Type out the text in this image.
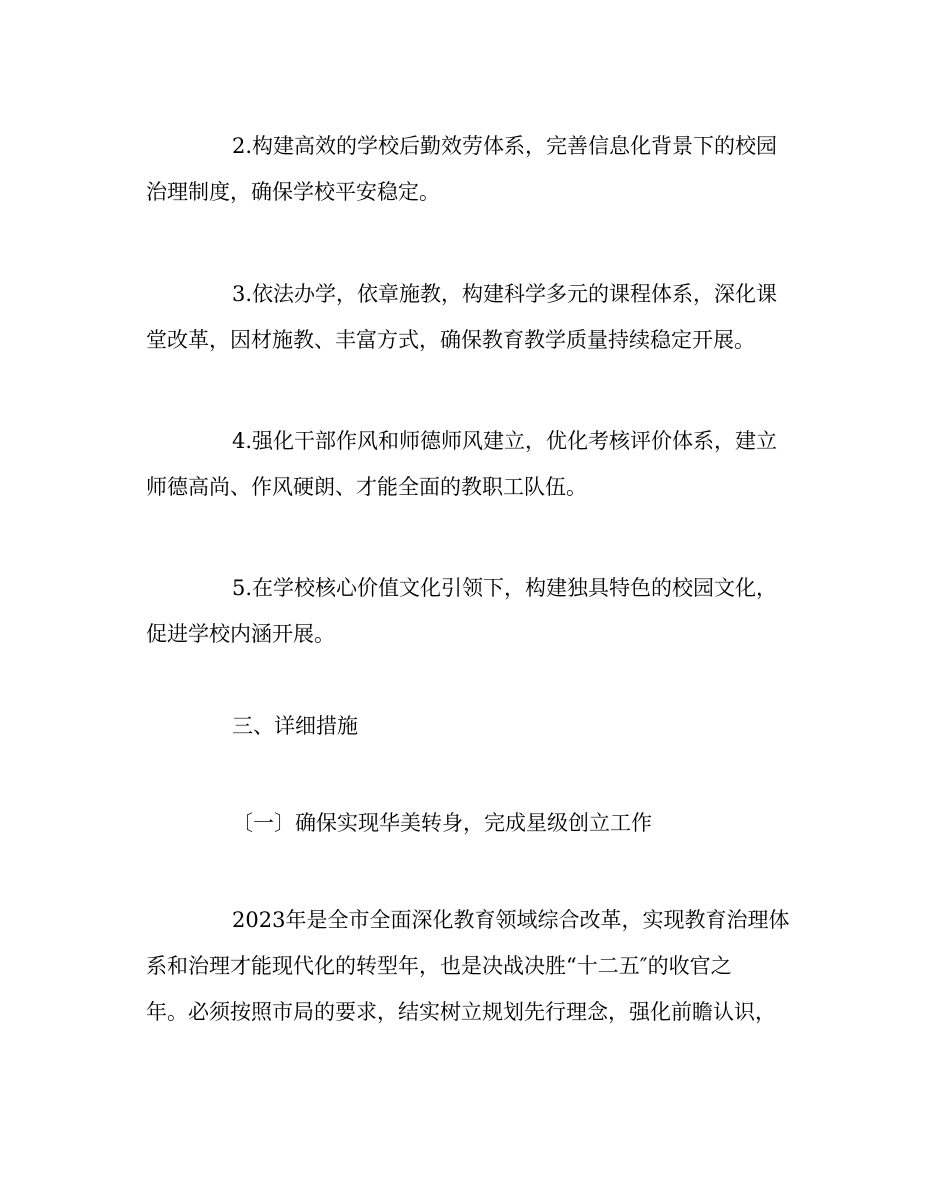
2.构建高效的学校后勤效劳体系，完善信息化背景下的校园
治理制度，确保学校平安稳定。

3.依法办学，依章施教，构建科学多元的课程体系，深化课
堂改革，因材施教、丰富方式，确保教育教学质量持续稳定开展。

4.强化干部作风和师德师风建立，优化考核评价体系，建立
师德高尚、作风硬朗、才能全面的教职工队伍。

5.在学校核心价值文化引领下，构建独具特色的校园文化，
促进学校内涵开展。

三、详细措施

〔一〕确保实现华美转身，完成星级创立工作

2023年是全市全面深化教育领域综合改革，实现教育治理体
系和治理才能现代化的转型年，也是决战决胜“十二五″的收官之
年。必须按照市局的要求，结实树立规划先行理念，强化前瞻认识，
